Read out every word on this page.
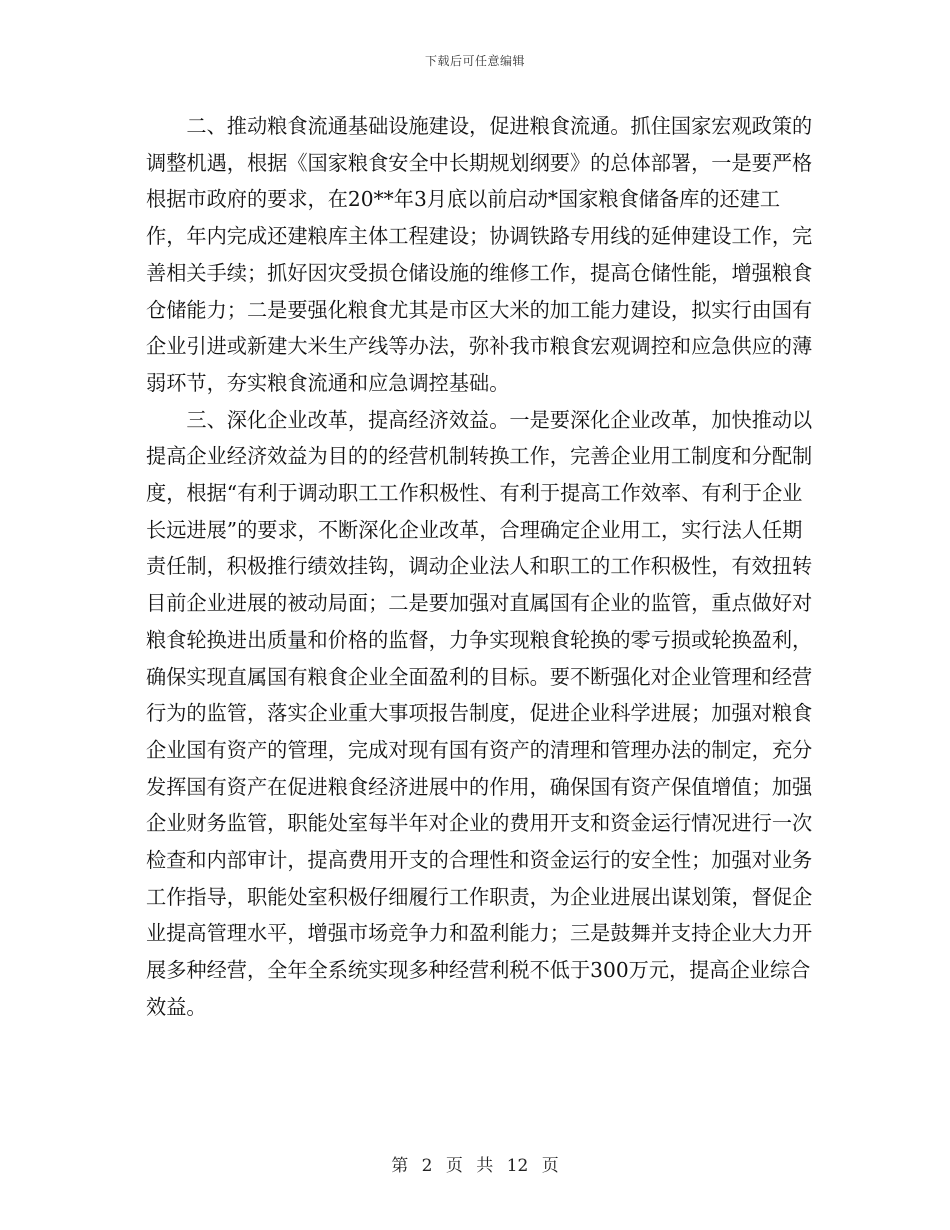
下载后可任意编辑

二、推动粮食流通基础设施建设，促进粮食流通。抓住国家宏观政策的调整机遇，根据《国家粮食安全中长期规划纲要》的总体部署，一是要严格根据市政府的要求，在20**年3月底以前启动*国家粮食储备库的还建工作，年内完成还建粮库主体工程建设；协调铁路专用线的延伸建设工作，完善相关手续；抓好因灾受损仓储设施的维修工作，提高仓储性能，增强粮食仓储能力；二是要强化粮食尤其是市区大米的加工能力建设，拟实行由国有企业引进或新建大米生产线等办法，弥补我市粮食宏观调控和应急供应的薄弱环节，夯实粮食流通和应急调控基础。

三、深化企业改革，提高经济效益。一是要深化企业改革，加快推动以提高企业经济效益为目的的经营机制转换工作，完善企业用工制度和分配制度，根据“有利于调动职工工作积极性、有利于提高工作效率、有利于企业长远进展”的要求，不断深化企业改革，合理确定企业用工，实行法人任期责任制，积极推行绩效挂钩，调动企业法人和职工的工作积极性，有效扭转目前企业进展的被动局面；二是要加强对直属国有企业的监管，重点做好对粮食轮换进出质量和价格的监督，力争实现粮食轮换的零亏损或轮换盈利，确保实现直属国有粮食企业全面盈利的目标。要不断强化对企业管理和经营行为的监管，落实企业重大事项报告制度，促进企业科学进展；加强对粮食企业国有资产的管理，完成对现有国有资产的清理和管理办法的制定，充分发挥国有资产在促进粮食经济进展中的作用，确保国有资产保值增值；加强企业财务监管，职能处室每半年对企业的费用开支和资金运行情况进行一次检查和内部审计，提高费用开支的合理性和资金运行的安全性；加强对业务工作指导，职能处室积极仔细履行工作职责，为企业进展出谋划策，督促企业提高管理水平，增强市场竞争力和盈利能力；三是鼓舞并支持企业大力开展多种经营，全年全系统实现多种经营利税不低于300万元，提高企业综合效益。

第 2 页 共 12 页
